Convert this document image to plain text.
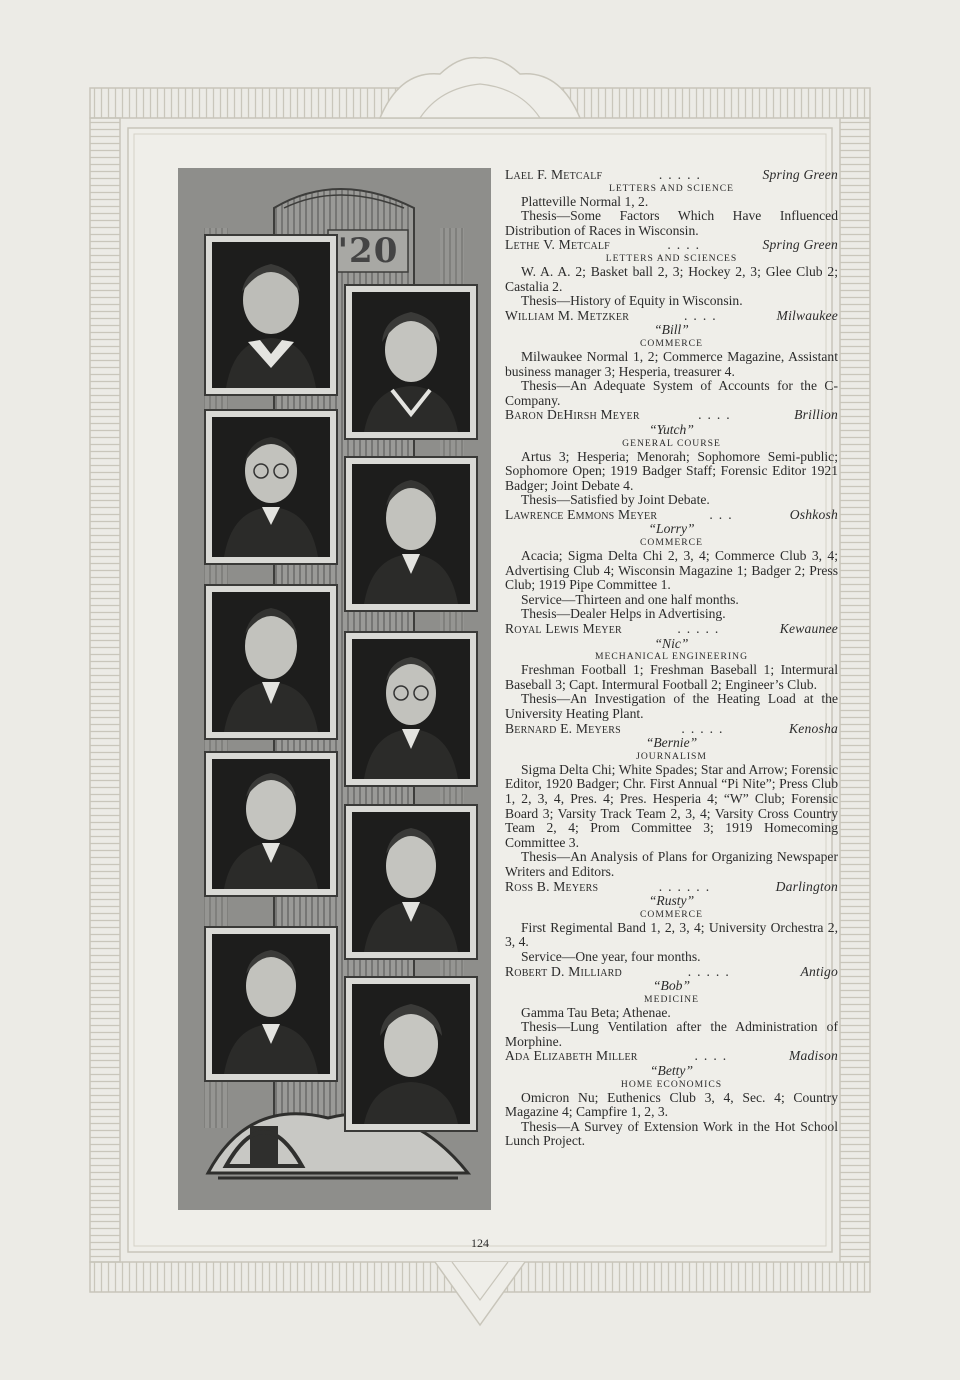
'20
Lael F. Metcalf	.....	Spring Green
LETTERS AND SCIENCE
Platteville Normal 1, 2.
Thesis—Some Factors Which Have Influenced Distribution of Races in Wisconsin.
Lethe V. Metcalf	....	Spring Green
LETTERS AND SCIENCES
W. A. A. 2; Basket ball 2, 3; Hockey 2, 3; Glee Club 2; Castalia 2.
Thesis—History of Equity in Wisconsin.
William M. Metzker	....	Milwaukee
“Bill”
COMMERCE
Milwaukee Normal 1, 2; Commerce Magazine, Assistant business manager 3; Hesperia, treasurer 4.
Thesis—An Adequate System of Accounts for the C-Company.
Baron DeHirsh Meyer	....	Brillion
“Yutch”
GENERAL COURSE
Artus 3; Hesperia; Menorah; Sophomore Semi-public; Sophomore Open; 1919 Badger Staff; Forensic Editor 1921 Badger; Joint Debate 4.
Thesis—Satisfied by Joint Debate.
Lawrence Emmons Meyer	...	Oshkosh
“Lorry”
COMMERCE
Acacia; Sigma Delta Chi 2, 3, 4; Commerce Club 3, 4; Advertising Club 4; Wisconsin Magazine 1; Badger 2; Press Club; 1919 Pipe Committee 1.
Service—Thirteen and one half months.
Thesis—Dealer Helps in Advertising.
Royal Lewis Meyer	.....	Kewaunee
“Nic”
MECHANICAL ENGINEERING
Freshman Football 1; Freshman Baseball 1; Intermural Baseball 3; Capt. Intermural Football 2; Engineer’s Club.
Thesis—An Investigation of the Heating Load at the University Heating Plant.
Bernard E. Meyers	.....	Kenosha
“Bernie”
JOURNALISM
Sigma Delta Chi; White Spades; Star and Arrow; Forensic Editor, 1920 Badger; Chr. First Annual “Pi Nite”; Press Club 1, 2, 3, 4, Pres. 4; Pres. Hesperia 4; “W” Club; Forensic Board 3; Varsity Track Team 2, 3, 4; Varsity Cross Country Team 2, 4; Prom Committee 3; 1919 Homecoming Committee 3.
Thesis—An Analysis of Plans for Organizing Newspaper Writers and Editors.
Ross B. Meyers	......	Darlington
“Rusty”
COMMERCE
First Regimental Band 1, 2, 3, 4; University Orchestra 2, 3, 4.
Service—One year, four months.
Robert D. Milliard	.....	Antigo
“Bob”
MEDICINE
Gamma Tau Beta; Athenae.
Thesis—Lung Ventilation after the Administration of Morphine.
Ada Elizabeth Miller	....	Madison
“Betty”
HOME ECONOMICS
Omicron Nu; Euthenics Club 3, 4, Sec. 4; Country Magazine 4; Campfire 1, 2, 3.
Thesis—A Survey of Extension Work in the Hot School Lunch Project.
124
